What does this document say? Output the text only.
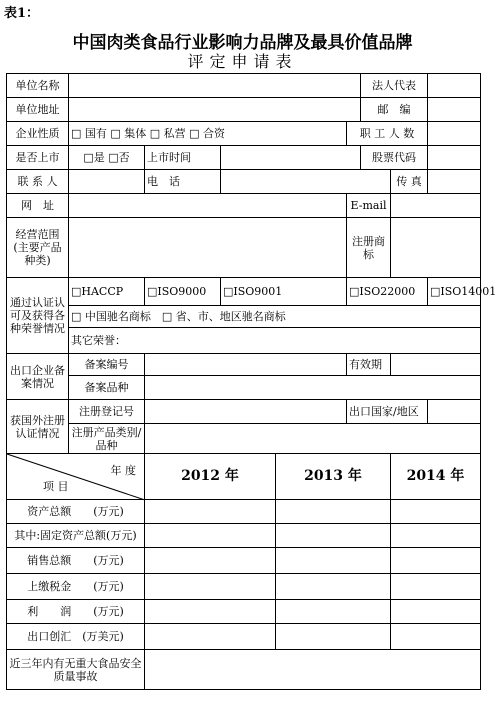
表1：
中国肉类食品行业影响力品牌及最具价值品牌
评定申请表
单位名称						法人代表		
单位地址						邮　编		
企业性质	□ 国有 □ 集体 □ 私营 □ 合资				职 工 人 数			
是否上市	□是 □否	上市时间				股票代码		
联 系 人		电　话					传 真	
网　址					E-mail			
经营范围(主要产品种类)					注册商标			
通过认证认可及获得各种荣誉情况	□HACCP	□ISO9000	□ISO9001		□ISO22000			□ISO14001
	□ 中国驰名商标　□ 省、市、地区驰名商标							
	其它荣誉：							
出口企业备案情况	备案编号				有效期			
	备案品种							
获国外注册认证情况	注册登记号				出口国家/地区			
	注册产品类别/品种							

年 度
项 目		2012 年		2013 年			2014 年	
资产总额　　(万元)								
其中:固定资产总额(万元)								
销售总额　　(万元)								
上缴税金　　(万元)								
利　　润　　(万元)								
出口创汇　(万美元)								
近三年内有无重大食品安全质量事故								
